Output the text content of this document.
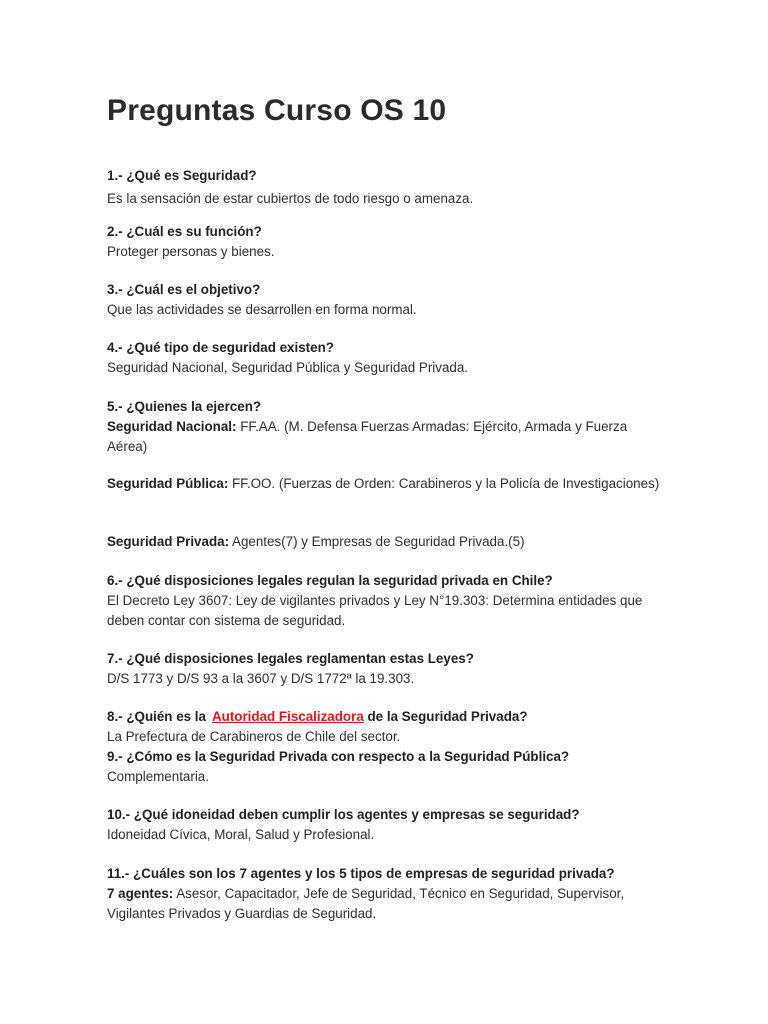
Preguntas Curso OS 10
1.- ¿Qué es Seguridad?
Es la sensación de estar cubiertos de todo riesgo o amenaza.
2.- ¿Cuál es su función?
Proteger personas y bienes.
3.- ¿Cuál es el objetivo?
Que las actividades se desarrollen en forma normal.
4.- ¿Qué tipo de seguridad existen?
Seguridad Nacional, Seguridad Pública y Seguridad Privada.
5.- ¿Quienes la ejercen?
Seguridad Nacional: FF.AA. (M. Defensa Fuerzas Armadas: Ejército, Armada y Fuerza Aérea)
Seguridad Pública: FF.OO. (Fuerzas de Orden: Carabineros y la Policía de Investigaciones)
Seguridad Privada: Agentes(7) y Empresas de Seguridad Privada.(5)
6.- ¿Qué disposiciones legales regulan la seguridad privada en Chile?
El Decreto Ley 3607: Ley de vigilantes privados y Ley N°19.303: Determina entidades que deben contar con sistema de seguridad.
7.- ¿Qué disposiciones legales reglamentan estas Leyes?
D/S 1773 y D/S 93 a la 3607 y D/S 1772ª la 19.303.
8.- ¿Quién es la Autoridad Fiscalizadora de la Seguridad Privada?
La Prefectura de Carabineros de Chile del sector.
9.- ¿Cómo es la Seguridad Privada con respecto a la Seguridad Pública?
Complementaria.
10.- ¿Qué idoneidad deben cumplir los agentes y empresas se seguridad?
Idoneidad Cívica, Moral, Salud y Profesional.
11.- ¿Cuáles son los 7 agentes y los 5 tipos de empresas de seguridad privada?
7 agentes: Asesor, Capacitador, Jefe de Seguridad, Técnico en Seguridad, Supervisor, Vigilantes Privados y Guardias de Seguridad.
